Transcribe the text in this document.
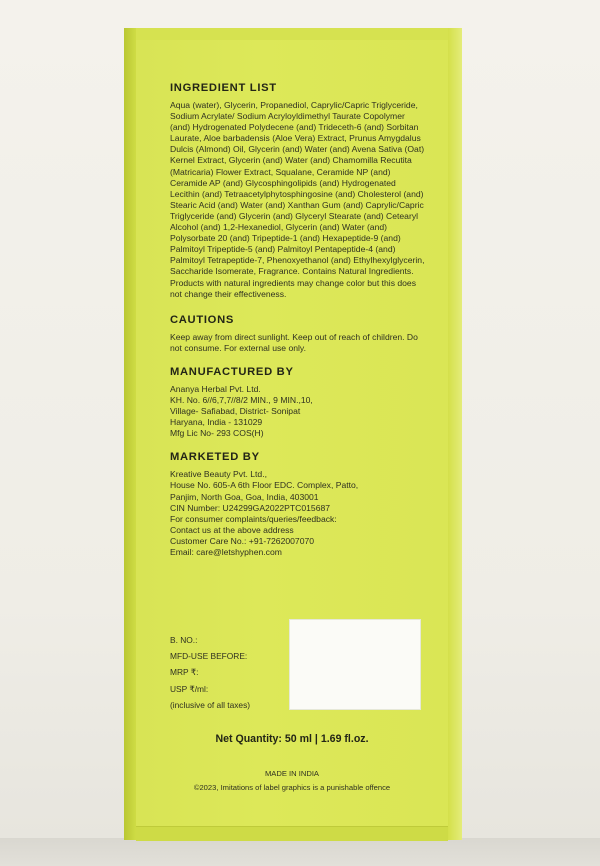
INGREDIENT LIST

Aqua (water), Glycerin, Propanediol, Caprylic/Capric Triglyceride, Sodium Acrylate/ Sodium Acryloyldimethyl Taurate Copolymer (and) Hydrogenated Polydecene (and) Trideceth-6 (and) Sorbitan Laurate, Aloe barbadensis (Aloe Vera) Extract, Prunus Amygdalus Dulcis (Almond) Oil, Glycerin (and) Water (and) Avena Sativa (Oat) Kernel Extract, Glycerin (and) Water (and) Chamomilla Recutita (Matricaria) Flower Extract, Squalane, Ceramide NP (and) Ceramide AP (and) Glycosphingolipids (and) Hydrogenated Lecithin (and) Tetraacetylphytosphingosine (and) Cholesterol (and) Stearic Acid (and) Water (and) Xanthan Gum (and) Caprylic/Capric Triglyceride (and) Glycerin (and) Glyceryl Stearate (and) Cetearyl Alcohol (and) 1,2-Hexanediol, Glycerin (and) Water (and) Polysorbate 20 (and) Tripeptide-1 (and) Hexapeptide-9 (and) Palmitoyl Tripeptide-5 (and) Palmitoyl Pentapeptide-4 (and) Palmitoyl Tetrapeptide-7, Phenoxyethanol (and) Ethylhexylglycerin, Saccharide Isomerate, Fragrance. Contains Natural Ingredients. Products with natural ingredients may change color but this does not change their effectiveness.

CAUTIONS

Keep away from direct sunlight. Keep out of reach of children. Do not consume. For external use only.

MANUFACTURED BY
Ananya Herbal Pvt. Ltd.
KH. No. 6//6,7,7//8/2 MIN., 9 MIN.,10,
Village- Safiabad, District- Sonipat
Haryana, India - 131029
Mfg Lic No- 293 COS(H)
MARKETED BY
Kreative Beauty Pvt. Ltd.,
House No. 605-A 6th Floor EDC. Complex, Patto,
Panjim, North Goa, Goa, India, 403001
CIN Number: U24299GA2022PTC015687
For consumer complaints/queries/feedback:
Contact us at the above address
Customer Care No.: +91-7262007070
Email: care@letshyphen.com
B. NO.:
MFD-USE BEFORE:
MRP ₹:
USP ₹/ml:
(inclusive of all taxes)
Net Quantity: 50 ml | 1.69 fl.oz.
MADE IN INDIA
©2023, Imitations of label graphics is a punishable offence
